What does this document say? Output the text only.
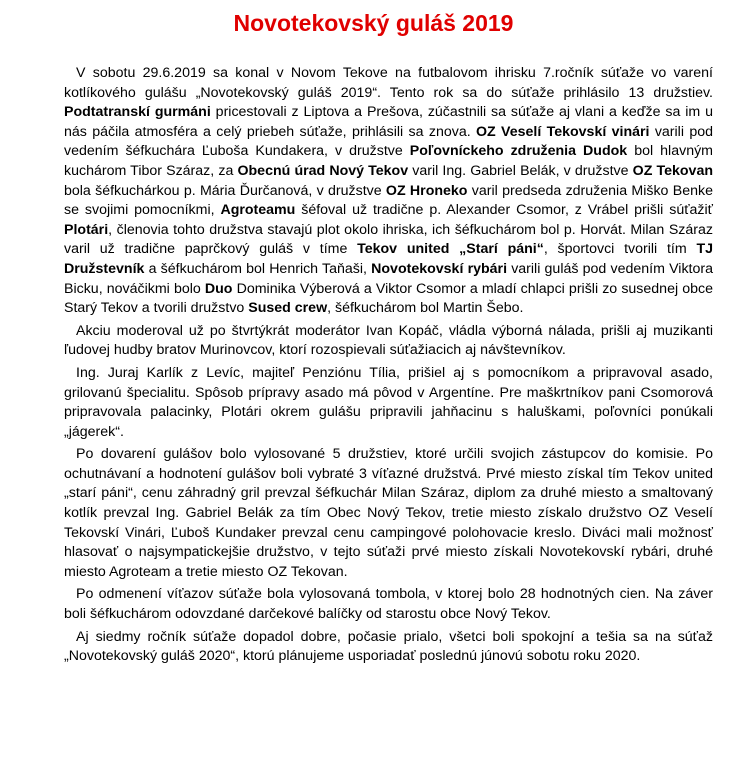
Novotekovský guláš 2019

V sobotu 29.6.2019 sa konal v Novom Tekove na futbalovom ihrisku 7.ročník súťaže vo varení kotlíkového gulášu „Novotekovský guláš 2019“. Tento rok sa do súťaže prihlásilo 13 družstiev. Podtatranskí gurmáni pricestovali z Liptova a Prešova, zúčastnili sa súťaže aj vlani a keďže sa im u nás páčila atmosféra a celý priebeh súťaže, prihlásili sa znova. OZ Veselí Tekovskí vinári varili pod vedením šéfkuchára Ľuboša Kundakera, v družstve Poľovníckeho združenia Dudok bol hlavným kuchárom Tibor Száraz, za Obecnú úrad Nový Tekov varil Ing. Gabriel Belák, v družstve OZ Tekovan bola šéfkuchárkou p. Mária Ďurčanová, v družstve OZ Hroneko varil predseda združenia Miško Benke se svojimi pomocníkmi, Agroteamu šéfoval už tradične p. Alexander Csomor, z Vrábel prišli súťažiť Plotári, členovia tohto družstva stavajú plot okolo ihriska, ich šéfkuchárom bol p. Horvát. Milan Száraz varil už tradične paprčkový guláš v tíme Tekov united „Starí páni“, športovci tvorili tím TJ Družstevník a šéfkuchárom bol Henrich Taňaši, Novotekovskí rybári varili guláš pod vedením Viktora Bicku, nováčikmi bolo Duo Dominika Výberová a Viktor Csomor a mladí chlapci prišli zo susednej obce Starý Tekov a tvorili družstvo Sused crew, šéfkuchárom bol Martin Šebo.

Akciu moderoval už po štvrtýkrát moderátor Ivan Kopáč, vládla výborná nálada, prišli aj muzikanti ľudovej hudby bratov Murinovcov, ktorí rozospievali súťažiacich aj návštevníkov.

Ing. Juraj Karlík z Levíc, majiteľ Penziónu Tília, prišiel aj s pomocníkom a pripravoval asado, grilovanú špecialitu. Spôsob prípravy asado má pôvod v Argentíne. Pre maškrtníkov pani Csomorová pripravovala palacinky, Plotári okrem gulášu pripravili jahňacinu s haluškami, poľovníci ponúkali „jágerek“.

Po dovarení gulášov bolo vylosované 5 družstiev, ktoré určili svojich zástupcov do komisie. Po ochutnávaní a hodnotení gulášov boli vybraté 3 víťazné družstvá. Prvé miesto získal tím Tekov united „starí páni“, cenu záhradný gril prevzal šéfkuchár Milan Száraz, diplom za druhé miesto a smaltovaný kotlík prevzal Ing. Gabriel Belák za tím Obec Nový Tekov, tretie miesto získalo družstvo OZ Veselí Tekovskí Vinári, Ľuboš Kundaker prevzal cenu campingové polohovacie kreslo. Diváci mali možnosť hlasovať o najsympatickejšie družstvo, v tejto súťaži prvé miesto získali Novotekovskí rybári, druhé miesto Agroteam a tretie miesto OZ Tekovan.

Po odmenení víťazov súťaže bola vylosovaná tombola, v ktorej bolo 28 hodnotných cien. Na záver boli šéfkuchárom odovzdané darčekové balíčky od starostu obce Nový Tekov.

Aj siedmy ročník súťaže dopadol dobre, počasie prialo, všetci boli spokojní a tešia sa na súťaž „Novotekovský guláš 2020“, ktorú plánujeme usporiadať poslednú júnovú sobotu roku 2020.
